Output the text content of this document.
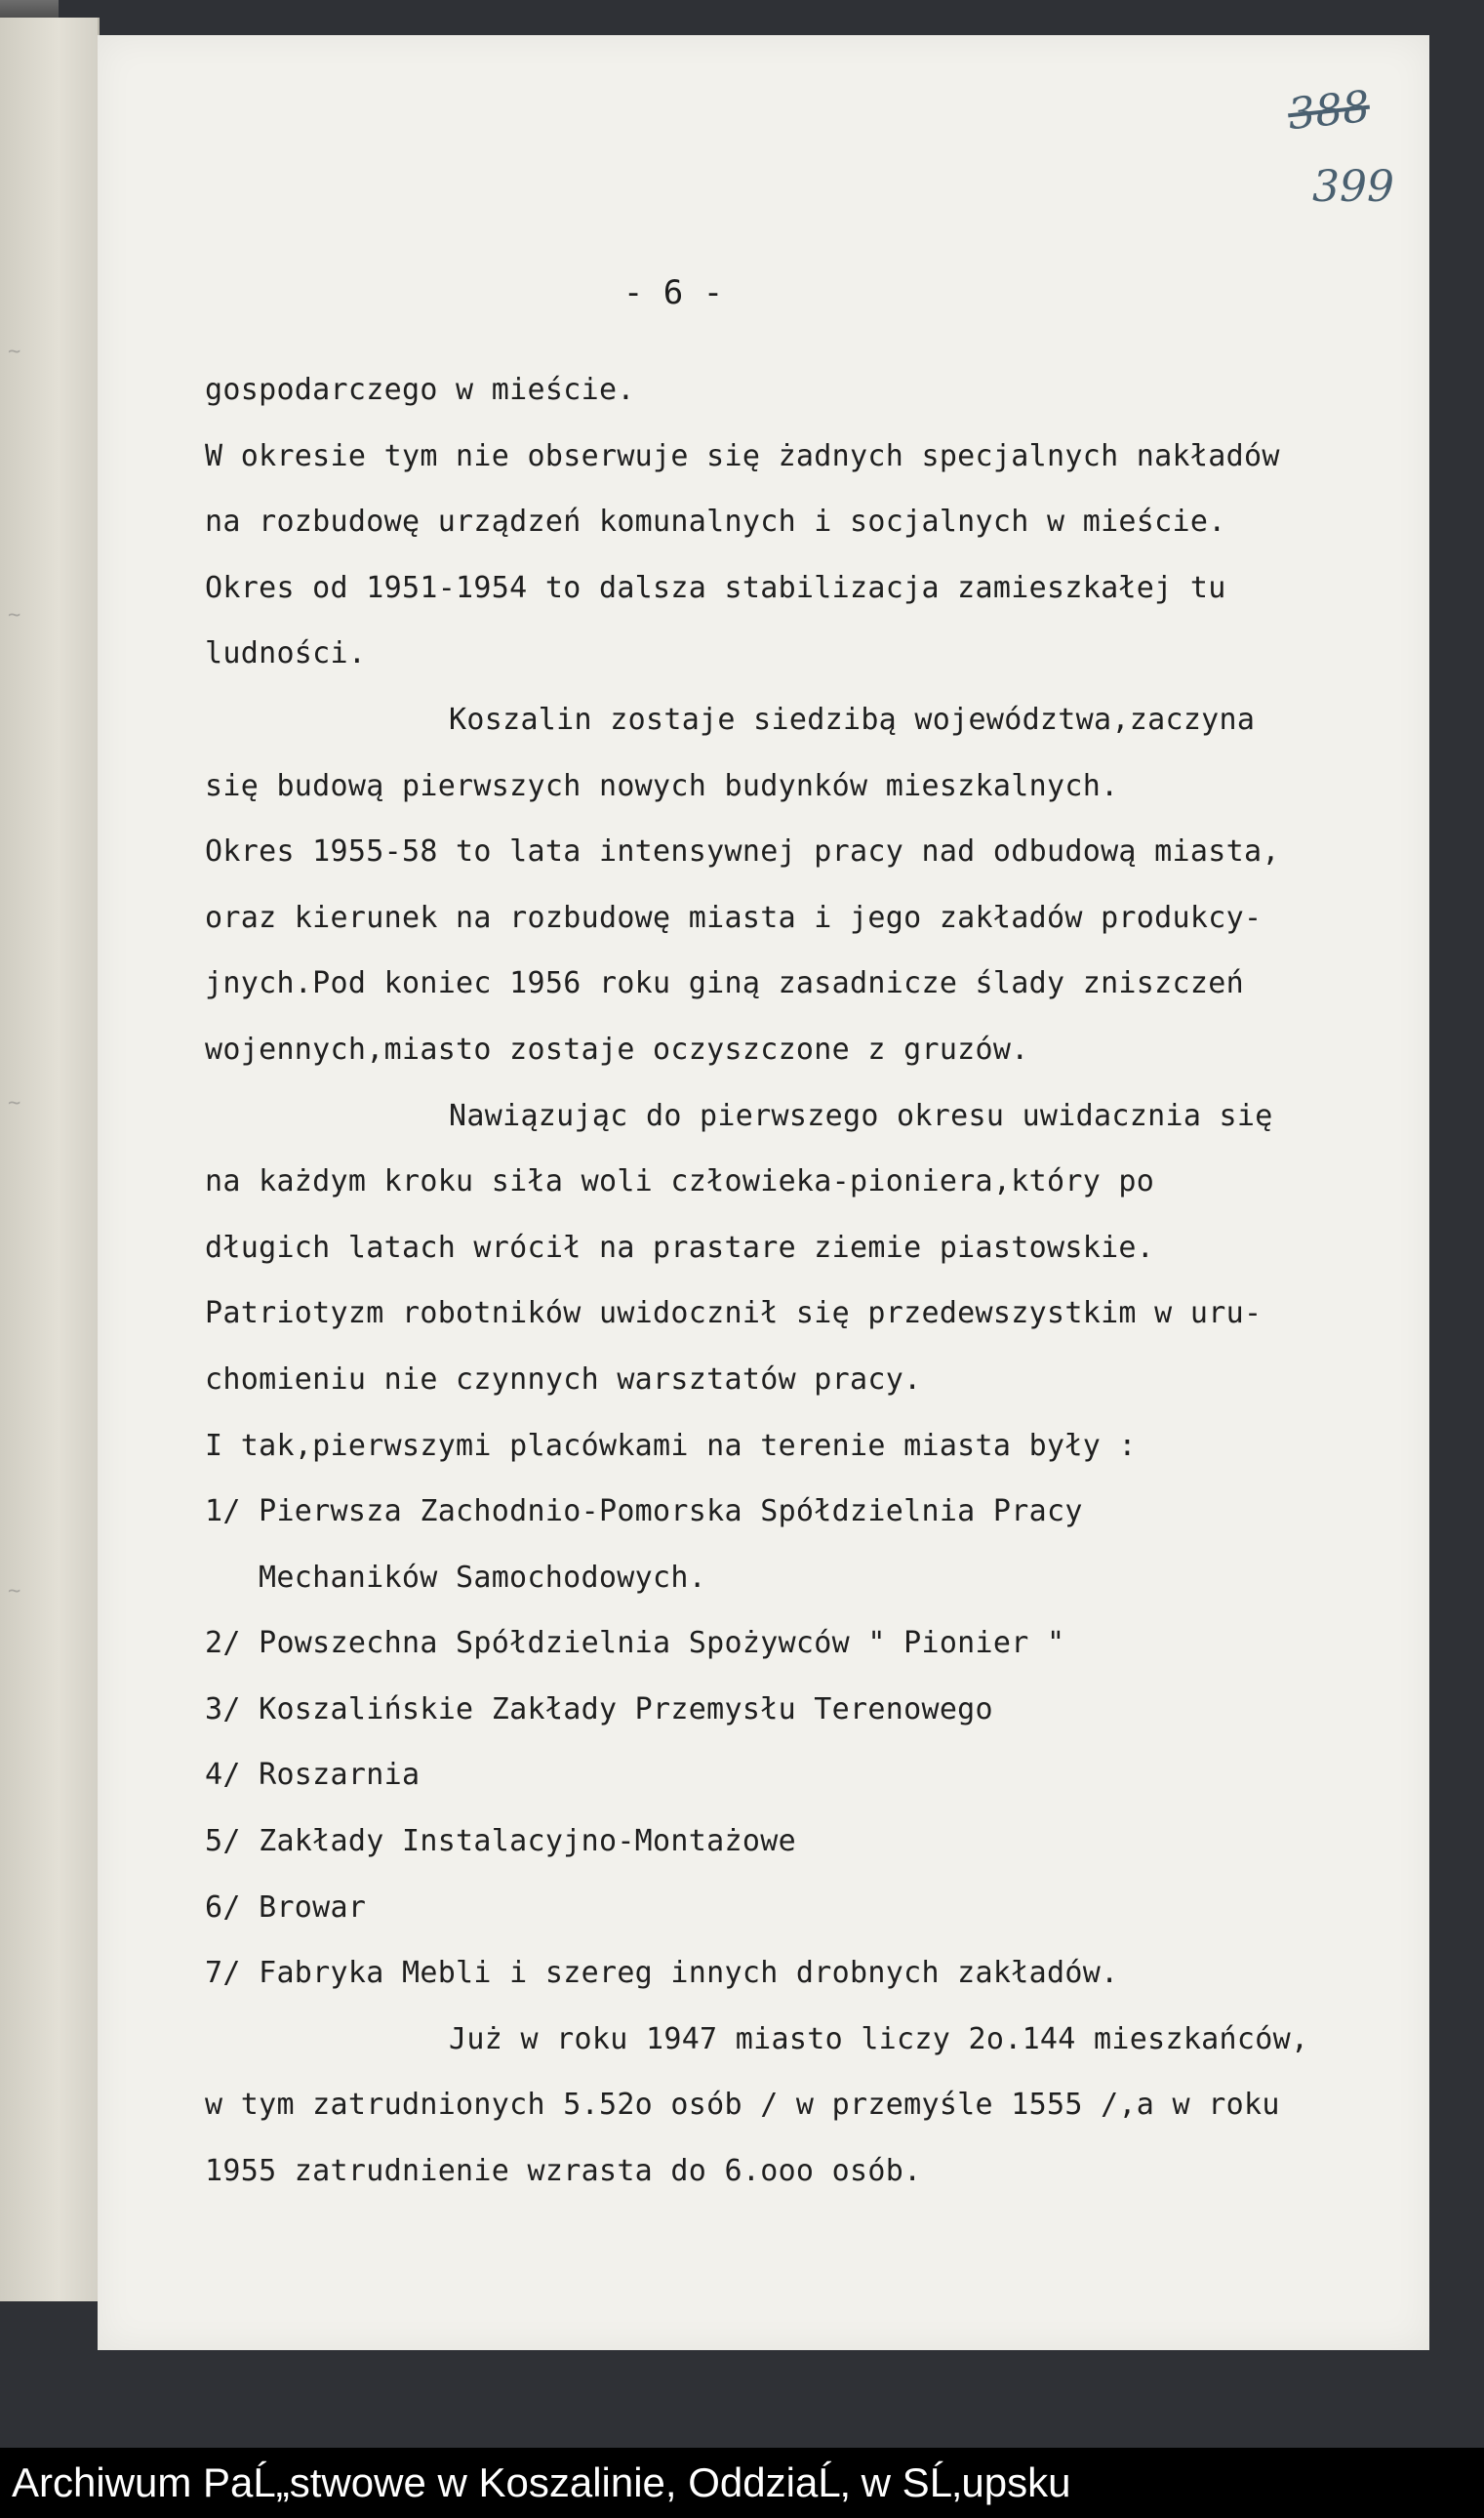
~
~
~
~
388
399
- 6 -
gospodarczego w mieście.
W okresie tym nie obserwuje się żadnych specjalnych nakładów
na rozbudowę urządzeń komunalnych i socjalnych w mieście.
Okres od 1951-1954 to dalsza stabilizacja zamieszkałej tu
ludności.
Koszalin zostaje siedzibą województwa,zaczyna
się budową pierwszych nowych budynków mieszkalnych.
Okres 1955-58 to lata intensywnej pracy nad odbudową miasta,
oraz kierunek na rozbudowę miasta i jego zakładów produkcy-
jnych.Pod koniec 1956 roku giną zasadnicze ślady zniszczeń
wojennych,miasto zostaje oczyszczone z gruzów.
Nawiązując do pierwszego okresu uwidacznia się
na każdym kroku siła woli człowieka-pioniera,który po
długich latach wrócił na prastare ziemie piastowskie.
Patriotyzm robotników uwidocznił się przedewszystkim w uru-
chomieniu nie czynnych warsztatów pracy.
I tak,pierwszymi placówkami na terenie miasta były :
1/ Pierwsza Zachodnio-Pomorska Spółdzielnia Pracy
Mechaników Samochodowych.
2/ Powszechna Spółdzielnia Spożywców " Pionier "
3/ Koszalińskie Zakłady Przemysłu Terenowego
4/ Roszarnia
5/ Zakłady Instalacyjno-Montażowe
6/ Browar
7/ Fabryka Mebli i szereg innych drobnych zakładów.
Już w roku 1947 miasto liczy 2o.144 mieszkańców,
w tym zatrudnionych 5.52o osób / w przemyśle 1555 /,a w roku
1955 zatrudnienie wzrasta do 6.ooo osób.
Archiwum PaĹ„stwowe w Koszalinie, OddziaĹ‚ w SĹ‚upsku
